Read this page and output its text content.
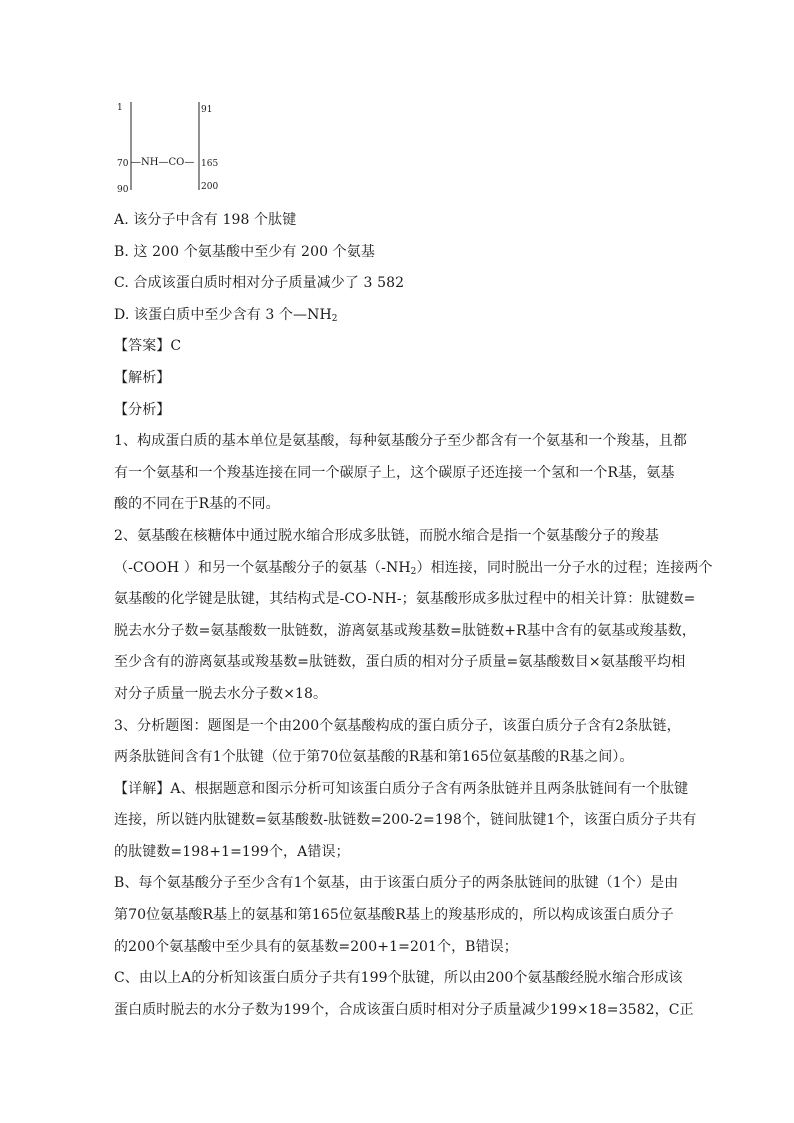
1
70
90
91
165
200
—NH—CO—
A. 该分子中含有 198 个肽键
B. 这 200 个氨基酸中至少有 200 个氨基
C. 合成该蛋白质时相对分子质量减少了 3 582
D. 该蛋白质中至少含有 3 个$—NH_2$
【答案】C
【解析】
【分析】
1、构成蛋白质的基本单位是氨基酸，每种氨基酸分子至少都含有一个氨基和一个羧基，且都
有一个氨基和一个羧基连接在同一个碳原子上，这个碳原子还连接一个氢和一个R基，氨基
酸的不同在于R基的不同。
2、氨基酸在核糖体中通过脱水缩合形成多肽链，而脱水缩合是指一个氨基酸分子的羧基
（-COOH ）和另一个氨基酸分子的氨基$(-NH_2)$相连接，同时脱出一分子水的过程；连接两个
氨基酸的化学键是肽键，其结构式是-CO-NH-；氨基酸形成多肽过程中的相关计算：肽键数=
脱去水分子数=氨基酸数一肽链数，游离氨基或羧基数=肽链数+R基中含有的氨基或羧基数，
至少含有的游离氨基或羧基数=肽链数，蛋白质的相对分子质量=氨基酸数目×氨基酸平均相
对分子质量一脱去水分子数×18。
3、分析题图：题图是一个由200个氨基酸构成的蛋白质分子，该蛋白质分子含有2条肽链，
两条肽链间含有1个肽键（位于第70位氨基酸的R基和第165位氨基酸的R基之间）。
【详解】A、根据题意和图示分析可知该蛋白质分子含有两条肽链并且两条肽链间有一个肽键
连接，所以链内肽键数=氨基酸数-肽链数=200-2=198个，链间肽键1个，该蛋白质分子共有
的肽键数=198+1=199个，A错误；
B、每个氨基酸分子至少含有1个氨基，由于该蛋白质分子的两条肽链间的肽键（1个）是由
第70位氨基酸R基上的氨基和第165位氨基酸R基上的羧基形成的，所以构成该蛋白质分子
的200个氨基酸中至少具有的氨基数=200+1=201个，B错误；
C、由以上A的分析知该蛋白质分子共有199个肽键，所以由200个氨基酸经脱水缩合形成该
蛋白质时脱去的水分子数为199个，合成该蛋白质时相对分子质量减少199×18=3582，C正
